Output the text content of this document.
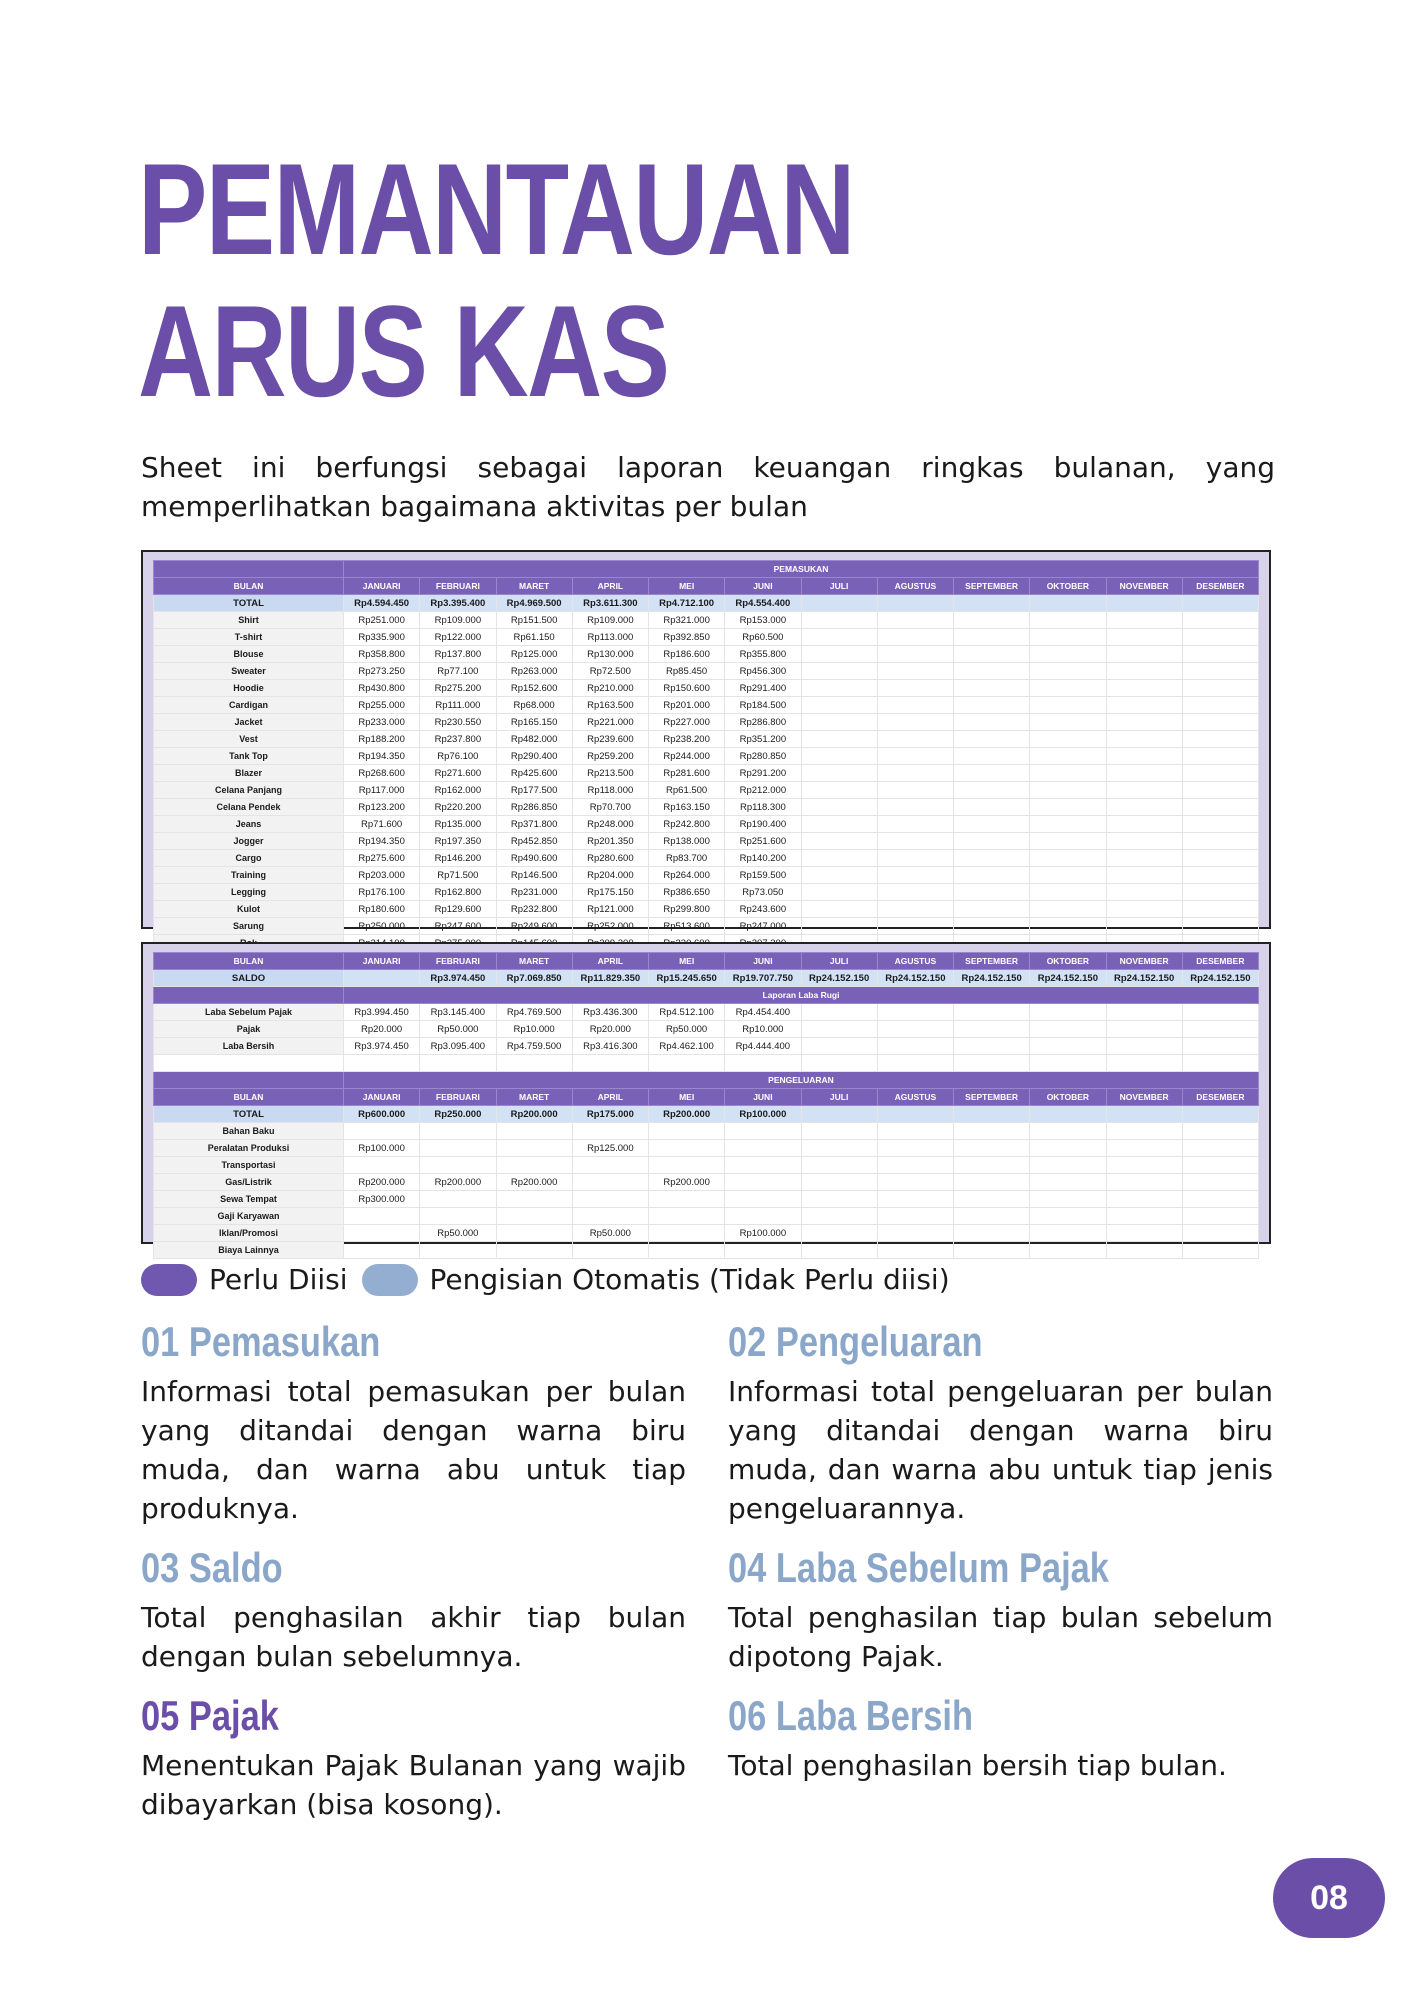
PEMANTAUAN
ARUS KAS

Sheet ini berfungsi sebagai laporan keuangan ringkas bulanan, yang memperlihatkan bagaimana aktivitas per bulan

	PEMASUKAN											
BULAN	JANUARI	FEBRUARI	MARET	APRIL	MEI	JUNI	JULI	AGUSTUS	SEPTEMBER	OKTOBER	NOVEMBER	DESEMBER
TOTAL	Rp4.594.450	Rp3.395.400	Rp4.969.500	Rp3.611.300	Rp4.712.100	Rp4.554.400						
Shirt	Rp251.000	Rp109.000	Rp151.500	Rp109.000	Rp321.000	Rp153.000						
T-shirt	Rp335.900	Rp122.000	Rp61.150	Rp113.000	Rp392.850	Rp60.500						
Blouse	Rp358.800	Rp137.800	Rp125.000	Rp130.000	Rp186.600	Rp355.800						
Sweater	Rp273.250	Rp77.100	Rp263.000	Rp72.500	Rp85.450	Rp456.300						
Hoodie	Rp430.800	Rp275.200	Rp152.600	Rp210.000	Rp150.600	Rp291.400						
Cardigan	Rp255.000	Rp111.000	Rp68.000	Rp163.500	Rp201.000	Rp184.500						
Jacket	Rp233.000	Rp230.550	Rp165.150	Rp221.000	Rp227.000	Rp286.800						
Vest	Rp188.200	Rp237.800	Rp482.000	Rp239.600	Rp238.200	Rp351.200						
Tank Top	Rp194.350	Rp76.100	Rp290.400	Rp259.200	Rp244.000	Rp280.850						
Blazer	Rp268.600	Rp271.600	Rp425.600	Rp213.500	Rp281.600	Rp291.200						
Celana Panjang	Rp117.000	Rp162.000	Rp177.500	Rp118.000	Rp61.500	Rp212.000						
Celana Pendek	Rp123.200	Rp220.200	Rp286.850	Rp70.700	Rp163.150	Rp118.300						
Jeans	Rp71.600	Rp135.000	Rp371.800	Rp248.000	Rp242.800	Rp190.400						
Jogger	Rp194.350	Rp197.350	Rp452.850	Rp201.350	Rp138.000	Rp251.600						
Cargo	Rp275.600	Rp146.200	Rp490.600	Rp280.600	Rp83.700	Rp140.200						
Training	Rp203.000	Rp71.500	Rp146.500	Rp204.000	Rp264.000	Rp159.500						
Legging	Rp176.100	Rp162.800	Rp231.000	Rp175.150	Rp386.650	Rp73.050						
Kulot	Rp180.600	Rp129.600	Rp232.800	Rp121.000	Rp299.800	Rp243.600						
Sarung	Rp250.000	Rp247.600	Rp249.600	Rp252.000	Rp513.600	Rp247.000						

BULAN	JANUARI	FEBRUARI	MARET	APRIL	MEI	JUNI	JULI	AGUSTUS	SEPTEMBER	OKTOBER	NOVEMBER	DESEMBER
SALDO		Rp3.974.450	Rp7.069.850	Rp11.829.350	Rp15.245.650	Rp19.707.750	Rp24.152.150	Rp24.152.150	Rp24.152.150	Rp24.152.150	Rp24.152.150	Rp24.152.150
	Laporan Laba Rugi											
Laba Sebelum Pajak	Rp3.994.450	Rp3.145.400	Rp4.769.500	Rp3.436.300	Rp4.512.100	Rp4.454.400						
Pajak	Rp20.000	Rp50.000	Rp10.000	Rp20.000	Rp50.000	Rp10.000						
Laba Bersih	Rp3.974.450	Rp3.095.400	Rp4.759.500	Rp3.416.300	Rp4.462.100	Rp4.444.400						

	PENGELUARAN											
BULAN	JANUARI	FEBRUARI	MARET	APRIL	MEI	JUNI	JULI	AGUSTUS	SEPTEMBER	OKTOBER	NOVEMBER	DESEMBER
TOTAL	Rp600.000	Rp250.000	Rp200.000	Rp175.000	Rp200.000	Rp100.000						
Bahan Baku												
Peralatan Produksi	Rp100.000			Rp125.000								
Transportasi												
Gas/Listrik	Rp200.000	Rp200.000	Rp200.000		Rp200.000							
Sewa Tempat	Rp300.000											
Gaji Karyawan												
Iklan/Promosi		Rp50.000		Rp50.000		Rp100.000						
Biaya Lainnya												
Perlu Diisi	Pengisian Otomatis (Tidak Perlu diisi)
01 Pemasukan

Informasi total pemasukan per bulan yang ditandai dengan warna biru muda, dan warna abu untuk tiap produknya.

02 Pengeluaran

Informasi total pengeluaran per bulan yang ditandai dengan warna biru muda, dan warna abu untuk tiap jenis pengeluarannya.

03 Saldo

Total penghasilan akhir tiap bulan dengan bulan sebelumnya.

04 Laba Sebelum Pajak

Total penghasilan tiap bulan sebelum dipotong Pajak.

05 Pajak

Menentukan Pajak Bulanan yang wajib dibayarkan (bisa kosong).

06 Laba Bersih

Total penghasilan bersih tiap bulan.

08
